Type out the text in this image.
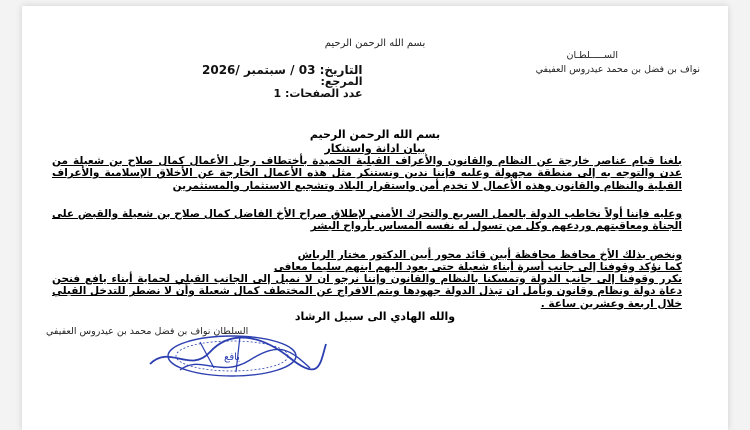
بسم الله الرحمن الرحيم
الســـــلطـان
نواف بن فضل بن محمد عيدروس العفيفي
التاريخ: 03 / سبتمبر /2026
المرجع:
عدد الصفحات: 1
بسم الله الرحمن الرحيم
بيان ادانة واستنكار
بلغنا قيام عناصر خارجة عن النظام والقانون والأعراف القبلية الحميدة بأختطاف رجل الأعمال كمال صلاح بن شعيلة من عدن والتوجه به إلى منطقة مجهولة وعليه فإننا ندين ونستنكر مثل هذه الأعمال الخارجة عن الأخلاق الإسلامية والأعراف القبلية والنظام والقانون وهذه الأعمال لا تخدم أمن واستقرار البلاد وتشجيع الاستثمار والمستثمرين
وعليه فإننا أولاً نخاطب الدولة بالعمل السريع والتحرك الأمني لإطلاق صراح الأخ الفاضل كمال صلاح بن شعيلة والقبض على الجناة ومعاقبتهم وردعهم وكل من تسول له نفسه المساس بأرواح البشر
ونخص بذلك الأخ محافظ محافظة أبين قائد محور أبين الدكتور مختار الرباش
كما نؤكد وقوفنا إلى جانب أسرة أبناء شعيلة حتى يعود اليهم ابنهم سليما معافى
نكرر وقوفنا إلى جانب الدولة وتمسكنا بالنظام والقانون وإننا نرجو ان لا نميل إلى الجانب القبلي لحماية أبناء يافع فنحن دعاة دولة ونظام وقانون ونأمل ان تبذل الدولة جهودها ويتم الافراج عن المختطف كمال شعيلة وأن لا نضطر للتدخل القبلي خلال اربعة وعشرين ساعة .
والله الهادي الى سبيل الرشاد
السلطان نواف بن فضل محمد بن عيدروس العفيفي
يافع
